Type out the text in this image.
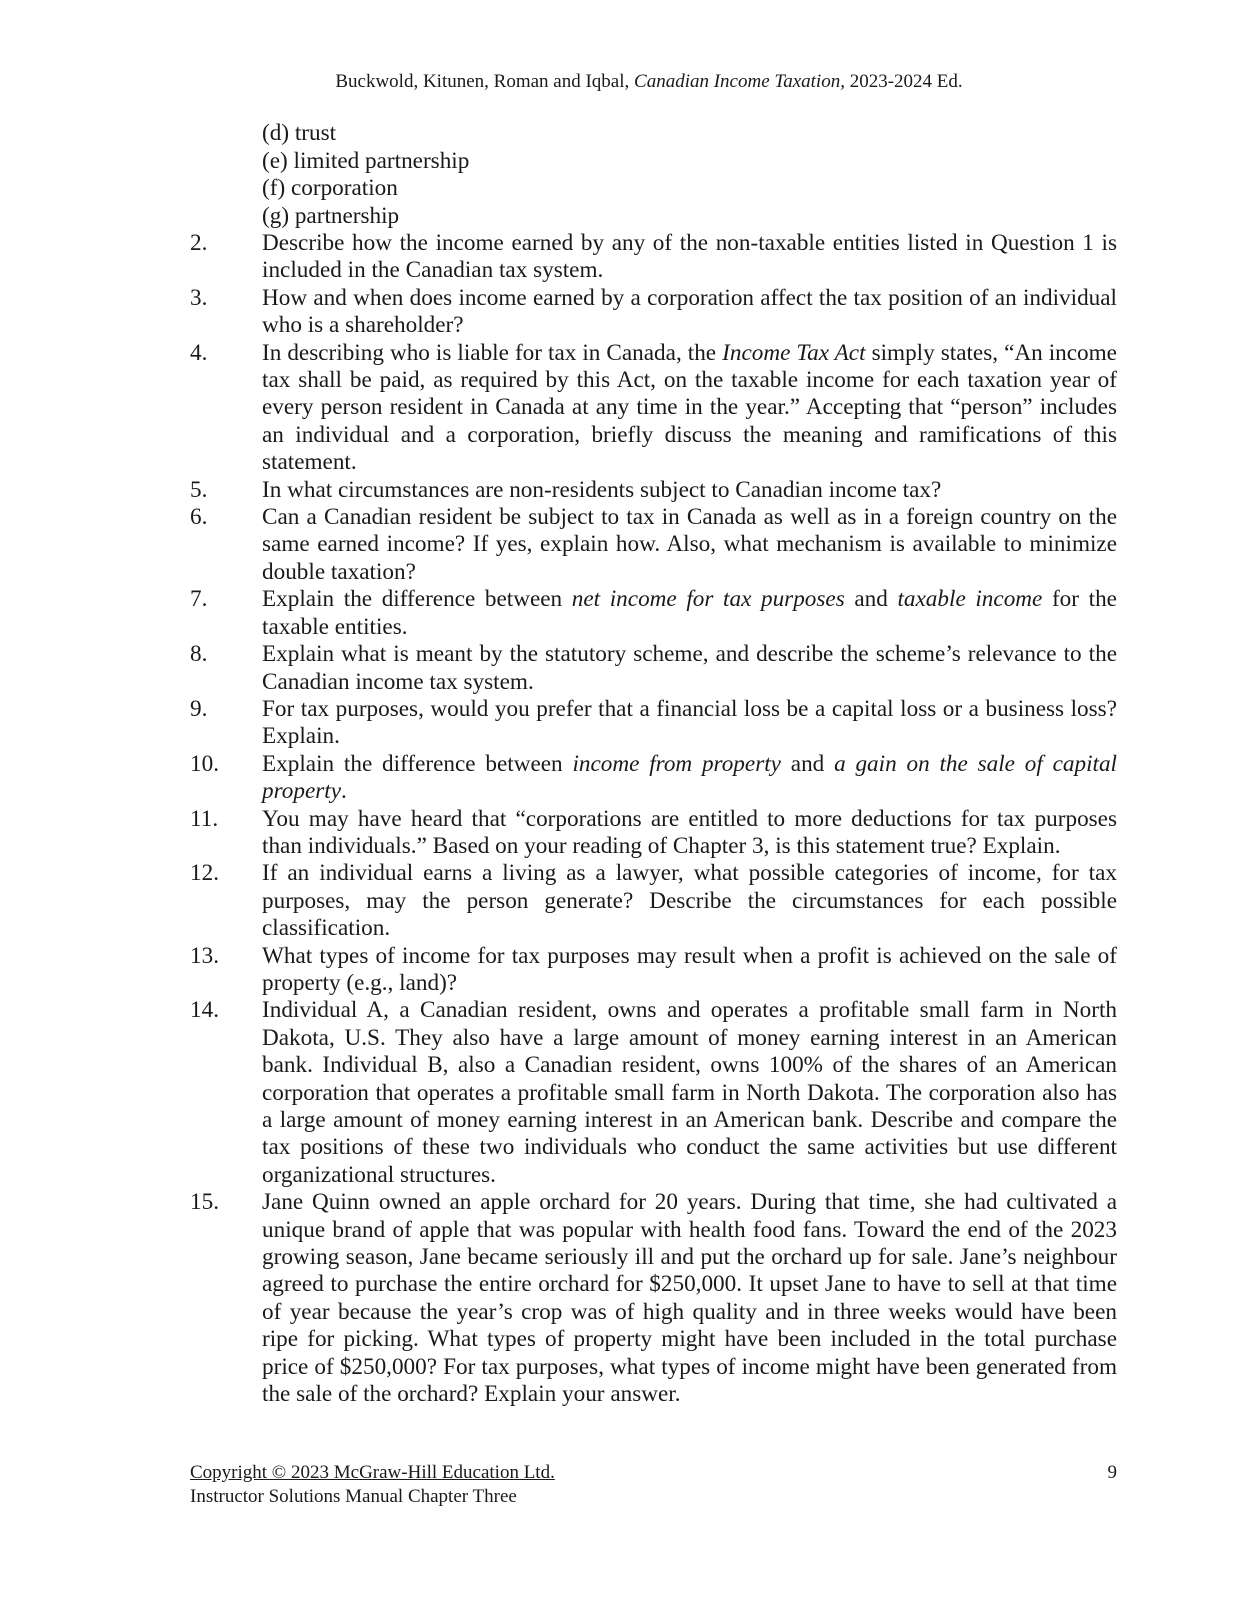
Buckwold, Kitunen, Roman and Iqbal, Canadian Income Taxation, 2023-2024 Ed.
(d) trust
(e) limited partnership
(f) corporation
(g) partnership
2.	Describe how the income earned by any of the non-taxable entities listed in Question 1 is included in the Canadian tax system.
3.	How and when does income earned by a corporation affect the tax position of an individual who is a shareholder?
4.	In describing who is liable for tax in Canada, the Income Tax Act simply states, “An income tax shall be paid, as required by this Act, on the taxable income for each taxation year of every person resident in Canada at any time in the year.” Accepting that “person” includes an individual and a corporation, briefly discuss the meaning and ramifications of this statement.
5.	In what circumstances are non-residents subject to Canadian income tax?
6.	Can a Canadian resident be subject to tax in Canada as well as in a foreign country on the same earned income? If yes, explain how. Also, what mechanism is available to minimize double taxation?
7.	Explain the difference between net income for tax purposes and taxable income for the taxable entities.
8.	Explain what is meant by the statutory scheme, and describe the scheme’s relevance to the Canadian income tax system.
9.	For tax purposes, would you prefer that a financial loss be a capital loss or a business loss? Explain.
10.	Explain the difference between income from property and a gain on the sale of capital property.
11.	You may have heard that “corporations are entitled to more deductions for tax purposes than individuals.” Based on your reading of Chapter 3, is this statement true? Explain.
12.	If an individual earns a living as a lawyer, what possible categories of income, for tax purposes, may the person generate? Describe the circumstances for each possible classification.
13.	What types of income for tax purposes may result when a profit is achieved on the sale of property (e.g., land)?
14.	Individual A, a Canadian resident, owns and operates a profitable small farm in North Dakota, U.S. They also have a large amount of money earning interest in an American bank. Individual B, also a Canadian resident, owns 100% of the shares of an American corporation that operates a profitable small farm in North Dakota. The corporation also has a large amount of money earning interest in an American bank. Describe and compare the tax positions of these two individuals who conduct the same activities but use different organizational structures.
15.	Jane Quinn owned an apple orchard for 20 years. During that time, she had cultivated a unique brand of apple that was popular with health food fans. Toward the end of the 2023 growing season, Jane became seriously ill and put the orchard up for sale. Jane’s neighbour agreed to purchase the entire orchard for $250,000. It upset Jane to have to sell at that time of year because the year’s crop was of high quality and in three weeks would have been ripe for picking. What types of property might have been included in the total purchase price of $250,000? For tax purposes, what types of income might have been generated from the sale of the orchard? Explain your answer.
Copyright © 2023 McGraw-Hill Education Ltd.
Instructor Solutions Manual Chapter Three
9
